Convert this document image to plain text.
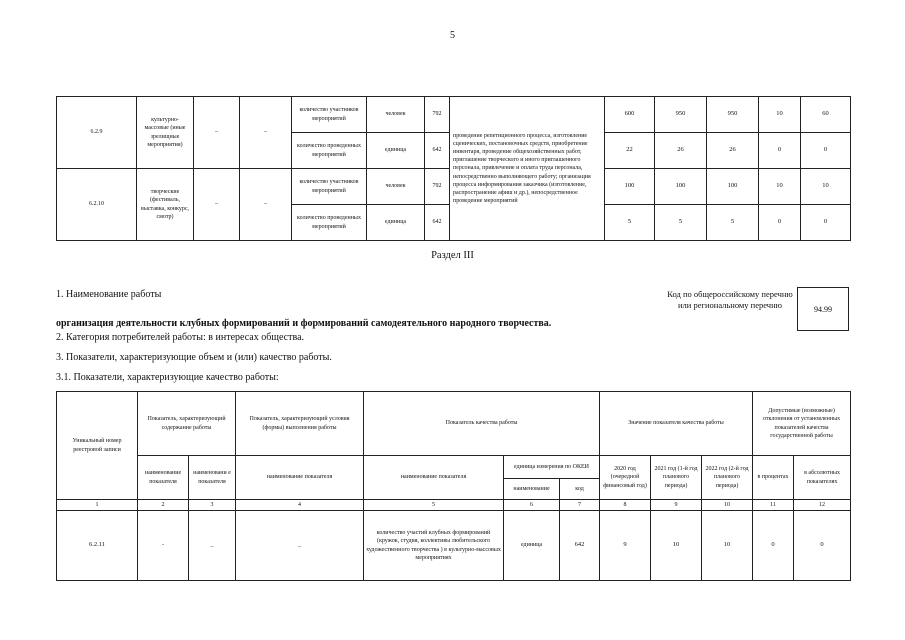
5
6.2.9	культурно-массовые (иные зрелищные мероприятия)	–	–	количество участников мероприятий	человек	792	проведение репетиционного процесса, изготовление сценических, постановочных средств, приобретение инвентаря, проведение общехозяйственных работ, приглашение творческого и иного приглашенного персонала, привлечение и оплата труда персонала, непосредственно выполняющего работу; организация процесса информирования заказчика (изготовление, распространение афиш и др.), непосредственное проведение мероприятий	600	950	950	10	60
				количество проведенных мероприятий	единица	642		22	26	26	0	0
6.2.10	творческие (фестиваль, выставка, конкурс, смотр)	–	–	количество участников мероприятий	человек	792		100	100	100	10	10
				количество проведенных мероприятий	единица	642		5	5	5	0	0
Раздел III
1. Наименование работы
организация деятельности клубных формирований и формирований самодеятельного народного творчества.
2. Категория потребителей работы: в интересах общества.
3. Показатели, характеризующие объем и (или) качество работы.
3.1. Показатели, характеризующие качество работы:
Код по общероссийскому перечню или региональному перечню	94.99
Уникальный номер реестровой записи	Показатель, характеризующий содержание работы		Показатель, характеризующий условия (формы) выполнения работы	Показатель качества работы			Значение показателя качества работы			Допустимые (возможные) отклонения от установленных показателей качества государственной работы	
	наименование показателя	наименовани е показателя	наименование показателя	наименование показателя	единица измерения по ОКЕИ		2020 год (очередной финансовый год)	2021 год (1-й год планового периода)	2022 год (2-й год планового периода)	в процентах	в абсолютных показателях
					наименование	код					
1	2	3	4	5	6	7	8	9	10	11	12
6.2.11	-	_	_	количество участий клубных формирований (кружок, студия, коллективы любительского художественного творчества ) в культурно-массовых мероприятиях	единица	642	9	10	10	0	0
